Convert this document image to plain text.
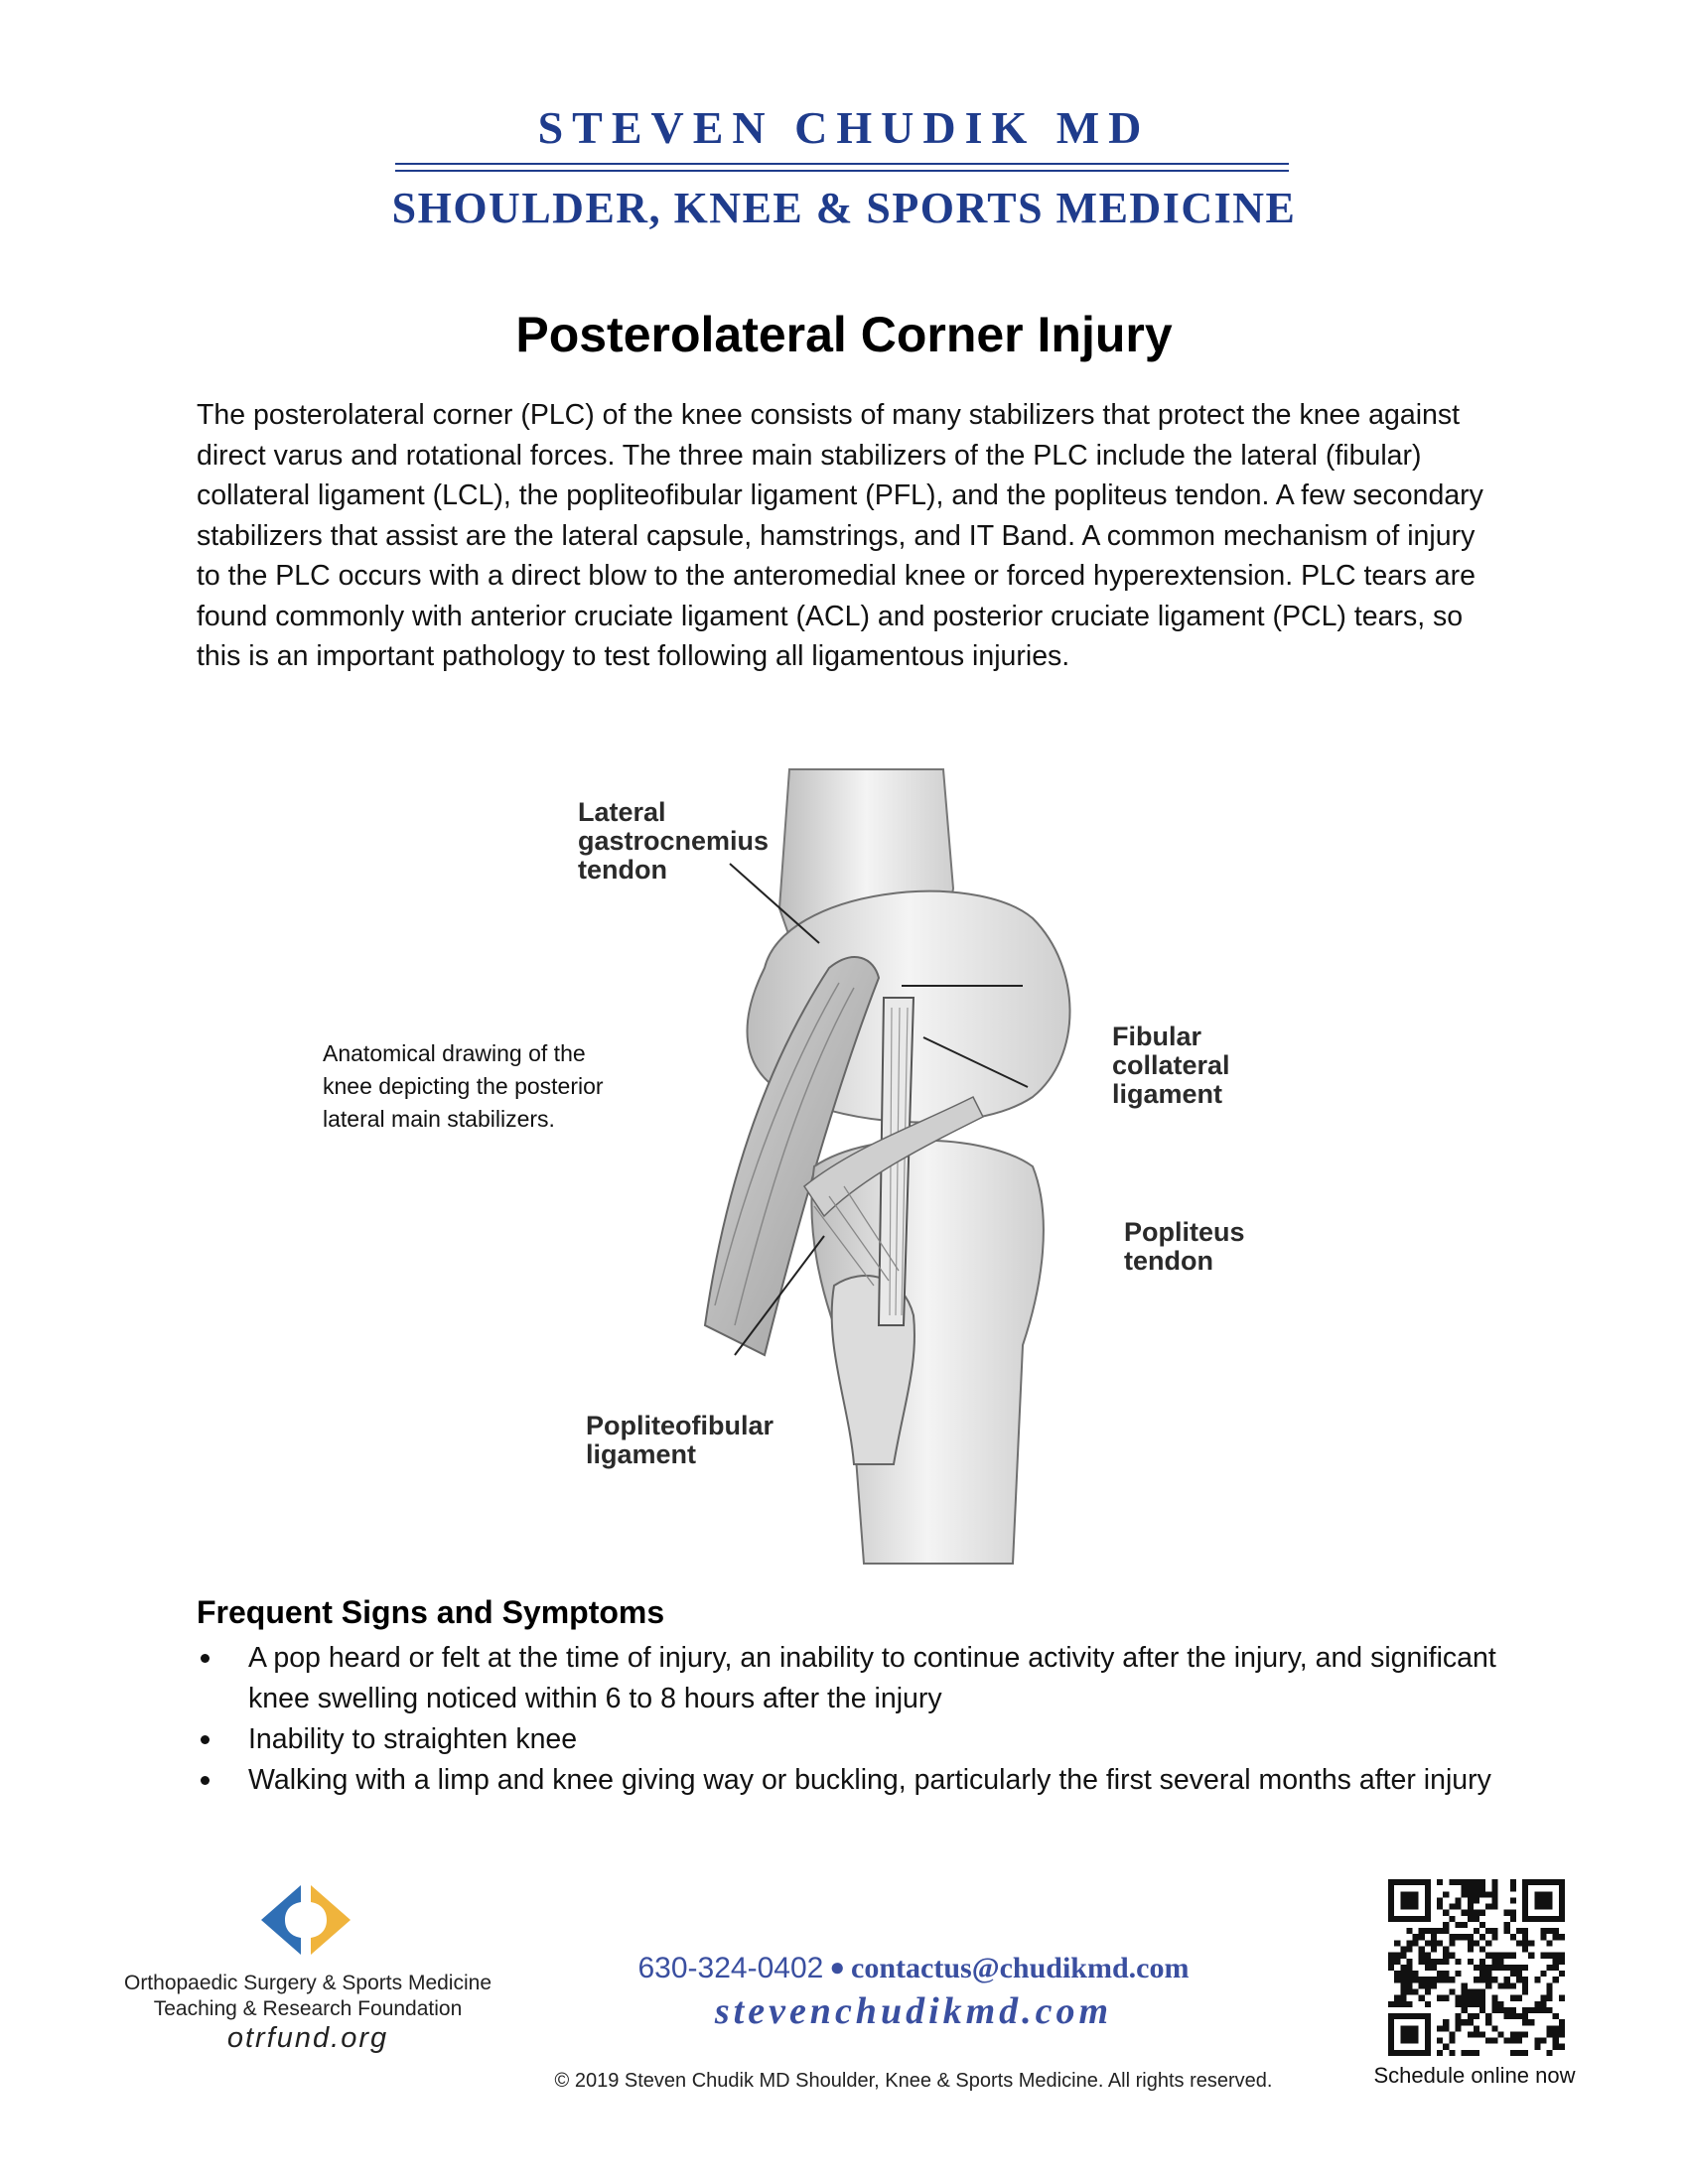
STEVEN CHUDIK MD
SHOULDER, KNEE & SPORTS MEDICINE
Posterolateral Corner Injury
The posterolateral corner (PLC) of the knee consists of many stabilizers that protect the knee against direct varus and rotational forces. The three main stabilizers of the PLC include the lateral (fibular) collateral ligament (LCL), the popliteofibular ligament (PFL), and the popliteus tendon. A few secondary stabilizers that assist are the lateral capsule, hamstrings, and IT Band. A common mechanism of injury to the PLC occurs with a direct blow to the anteromedial knee or forced hyperextension. PLC tears are found commonly with anterior cruciate ligament (ACL) and posterior cruciate ligament (PCL) tears, so this is an important pathology to test following all ligamentous injuries.
Anatomical drawing of the knee depicting the posterior lateral main stabilizers.
Lateral gastrocnemius tendon
Fibular collateral ligament
Popliteus tendon
Popliteofibular ligament
Frequent Signs and Symptoms
A pop heard or felt at the time of injury, an inability to continue activity after the injury, and significant knee swelling noticed within 6 to 8 hours after the injury
Inability to straighten knee
Walking with a limp and knee giving way or buckling, particularly the first several months after injury
Orthopaedic Surgery & Sports Medicine
Teaching & Research Foundation
otrfund.org
630-324-0402 ● contactus@chudikmd.com
stevenchudikmd.com
© 2019 Steven Chudik MD Shoulder, Knee & Sports Medicine. All rights reserved.	Schedule online now
